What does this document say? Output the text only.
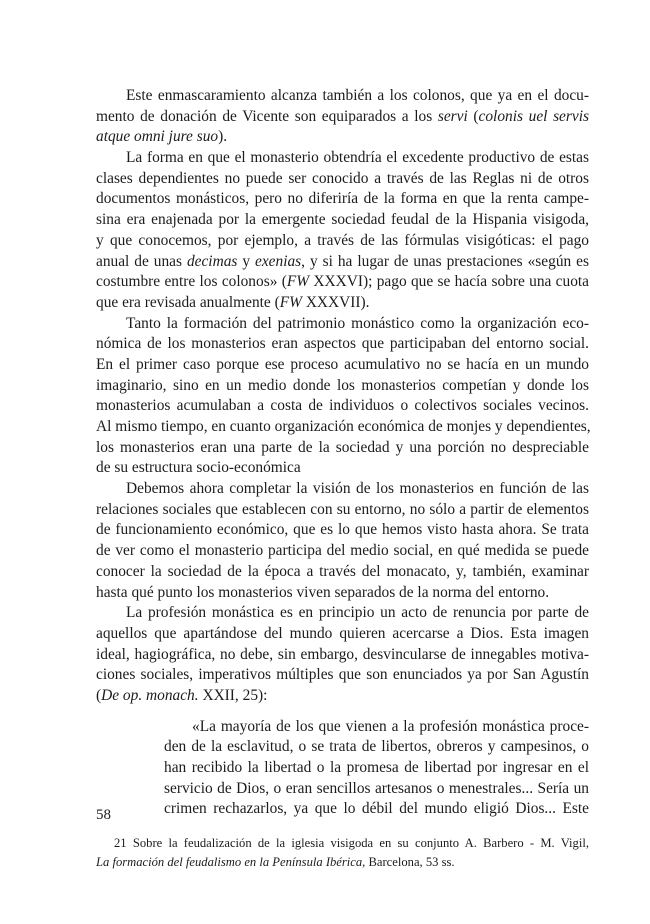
Este enmascaramiento alcanza también a los colonos, que ya en el docu-
mento de donación de Vicente son equiparados a los servi (colonis uel servis
atque omni jure suo).
La forma en que el monasterio obtendría el excedente productivo de estas
clases dependientes no puede ser conocido a través de las Reglas ni de otros
documentos monásticos, pero no diferiría de la forma en que la renta campe-
sina era enajenada por la emergente sociedad feudal de la Hispania visigoda,
y que conocemos, por ejemplo, a través de las fórmulas visigóticas: el pago
anual de unas decimas y exenias, y si ha lugar de unas prestaciones «según es
costumbre entre los colonos» (FW XXXVI); pago que se hacía sobre una cuota
que era revisada anualmente (FW XXXVII).
Tanto la formación del patrimonio monástico como la organización eco-
nómica de los monasterios eran aspectos que participaban del entorno social.
En el primer caso porque ese proceso acumulativo no se hacía en un mundo
imaginario, sino en un medio donde los monasterios competían y donde los
monasterios acumulaban a costa de individuos o colectivos sociales vecinos.
Al mismo tiempo, en cuanto organización económica de monjes y dependientes,
los monasterios eran una parte de la sociedad y una porción no despreciable
de su estructura socio-económica
Debemos ahora completar la visión de los monasterios en función de las
relaciones sociales que establecen con su entorno, no sólo a partir de elementos
de funcionamiento económico, que es lo que hemos visto hasta ahora. Se trata
de ver como el monasterio participa del medio social, en qué medida se puede
conocer la sociedad de la época a través del monacato, y, también, examinar
hasta qué punto los monasterios viven separados de la norma del entorno.
La profesión monástica es en principio un acto de renuncia por parte de
aquellos que apartándose del mundo quieren acercarse a Dios. Esta imagen
ideal, hagiográfica, no debe, sin embargo, desvincularse de innegables motiva-
ciones sociales, imperativos múltiples que son enunciados ya por San Agustín
(De op. monach. XXII, 25):
«La mayoría de los que vienen a la profesión monástica proce-
den de la esclavitud, o se trata de libertos, obreros y campesinos, o
han recibido la libertad o la promesa de libertad por ingresar en el
servicio de Dios, o eran sencillos artesanos o menestrales... Sería un
crimen rechazarlos, ya que lo débil del mundo eligió Dios... Este
21 Sobre la feudalización de la iglesia visigoda en su conjunto A. Barbero - M. Vigil,
La formación del feudalismo en la Península Ibérica, Barcelona, 53 ss.
58
